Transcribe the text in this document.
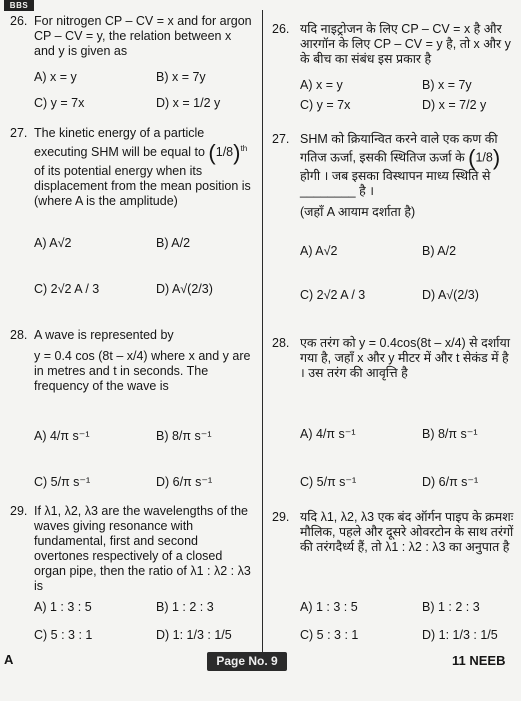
BBS
26. For nitrogen CP – CV = x and for argon CP – CV = y, the relation between x and y is given as
A) x = y	B) x = 7y
C) y = 7x	D) x = 1/2 y
27. The kinetic energy of a particle executing SHM will be equal to $(1/8)^{th}$ of its potential energy when its displacement from the mean position is (where A is the amplitude)
A) A√2	B) A/2
C) 2√2 A / 3	D) A√(2/3)
28. A wave is represented by
y = 0.4 cos (8t – x/4) where x and y are in metres and t in seconds. The frequency of the wave is
A) 4/π s⁻¹	B) 8/π s⁻¹
C) 5/π s⁻¹	D) 6/π s⁻¹
29. If λ1, λ2, λ3 are the wavelengths of the waves giving resonance with fundamental, first and second overtones respectively of a closed organ pipe, then the ratio of λ1 : λ2 : λ3 is
A) 1 : 3 : 5	B) 1 : 2 : 3
C) 5 : 3 : 1	D) 1: 1/3 : 1/5
26. यदि नाइट्रोजन के लिए CP – CV = x है और आरगॉन के लिए CP – CV = y है, तो x और y के बीच का संबंध इस प्रकार है
A) x = y	B) x = 7y
C) y = 7x	D) x = 7/2 y
27. SHM को क्रियान्वित करने वाले एक कण की गतिज ऊर्जा, इसकी स्थितिज ऊर्जा के (1/8) होगी । जब इसका विस्थापन माध्य स्थिति से ________ है ।
(जहाँ A आयाम दर्शाता है)
A) A√2	B) A/2
C) 2√2 A / 3	D) A√(2/3)
28. एक तरंग को y = 0.4cos(8t – x/4) से दर्शाया गया है, जहाँ x और y मीटर में और t सेकंड में है । उस तरंग की आवृत्ति है
A) 4/π s⁻¹	B) 8/π s⁻¹
C) 5/π s⁻¹	D) 6/π s⁻¹
29. यदि λ1, λ2, λ3 एक बंद ऑर्गन पाइप के क्रमशः मौलिक, पहले और दूसरे ओवरटोन के साथ तरंगों की तरंगदैर्ध्य हैं, तो λ1 : λ2 : λ3 का अनुपात है
A) 1 : 3 : 5	B) 1 : 2 : 3
C) 5 : 3 : 1	D) 1: 1/3 : 1/5
A	Page No. 9	11 NEEB
